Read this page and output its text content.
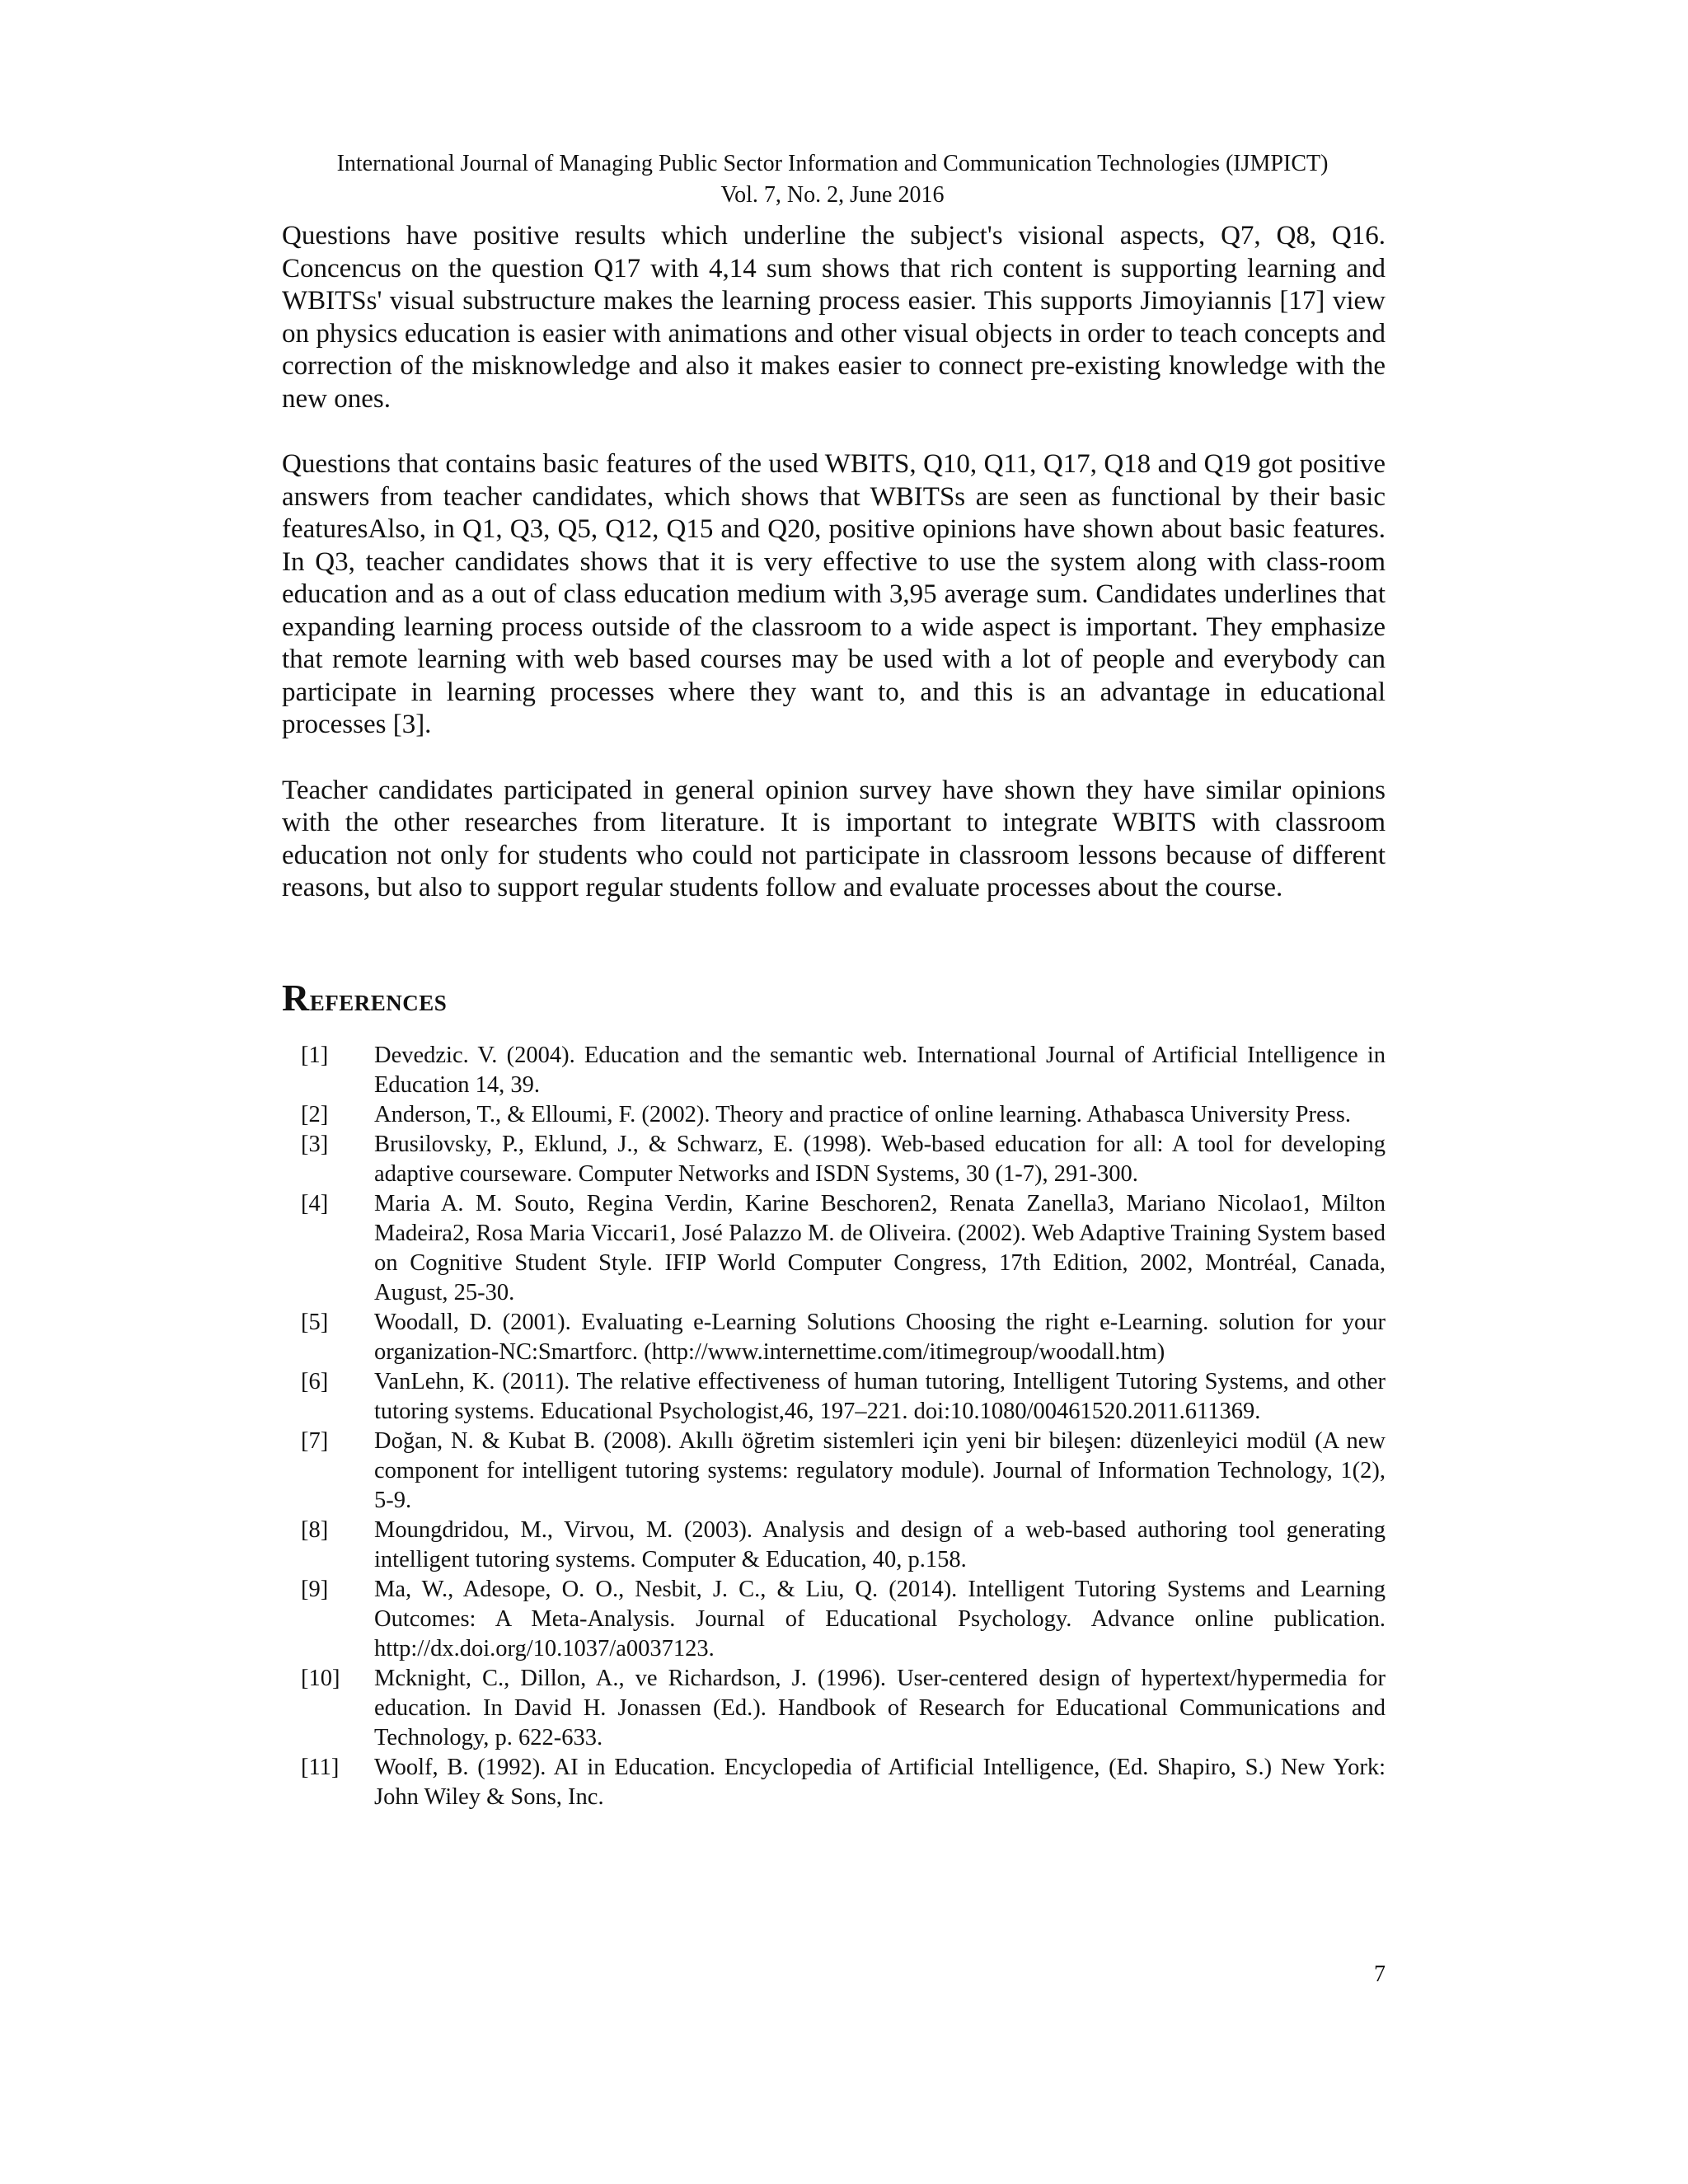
International Journal of Managing Public Sector Information and Communication Technologies (IJMPICT)
Vol. 7, No. 2, June 2016

Questions have positive results which underline the subject's visional aspects, Q7, Q8, Q16. Concencus on the question Q17 with 4,14 sum shows that rich content is supporting learning and WBITSs' visual substructure makes the learning process easier. This supports Jimoyiannis [17] view on physics education is easier with animations and other visual objects in order to teach concepts and correction of the misknowledge and also it makes easier to connect pre-existing knowledge with the new ones.

Questions that contains basic features of the used WBITS, Q10, Q11, Q17, Q18 and Q19 got positive answers from teacher candidates, which shows that WBITSs are seen as functional by their basic featuresAlso, in Q1, Q3, Q5, Q12, Q15 and Q20, positive opinions have shown about basic features. In Q3, teacher candidates shows that it is very effective to use the system along with class-room education and as a out of class education medium with 3,95 average sum. Candidates underlines that expanding learning process outside of the classroom to a wide aspect is important. They emphasize that remote learning with web based courses may be used with a lot of people and everybody can participate in learning processes where they want to, and this is an advantage in educational processes [3].

Teacher candidates participated in general opinion survey have shown they have similar opinions with the other researches from literature. It is important to integrate WBITS with classroom education not only for students who could not participate in classroom lessons because of different reasons, but also to support regular students follow and evaluate processes about the course.

References
[1]	Devedzic. V. (2004). Education and the semantic web. International Journal of Artificial Intelligence in Education 14, 39.
[2]	Anderson, T., & Elloumi, F. (2002). Theory and practice of online learning. Athabasca University Press.
[3]	Brusilovsky, P., Eklund, J., & Schwarz, E. (1998). Web-based education for all: A tool for developing adaptive courseware. Computer Networks and ISDN Systems, 30 (1-7), 291-300.
[4]	Maria A. M. Souto, Regina Verdin, Karine Beschoren2, Renata Zanella3, Mariano Nicolao1, Milton Madeira2, Rosa Maria Viccari1, José Palazzo M. de Oliveira. (2002). Web Adaptive Training System based on Cognitive Student Style. IFIP World Computer Congress, 17th Edition, 2002, Montréal, Canada, August, 25-30.
[5]	Woodall, D. (2001). Evaluating e-Learning Solutions Choosing the right e-Learning. solution for your organization-NC:Smartforc. (http://www.internettime.com/itimegroup/woodall.htm)
[6]	VanLehn, K. (2011). The relative effectiveness of human tutoring, Intelligent Tutoring Systems, and other tutoring systems. Educational Psychologist,46, 197–221. doi:10.1080/00461520.2011.611369.
[7]	Doğan, N. & Kubat B. (2008). Akıllı öğretim sistemleri için yeni bir bileşen: düzenleyici modül (A new component for intelligent tutoring systems: regulatory module). Journal of Information Technology, 1(2), 5-9.
[8]	Moungdridou, M., Virvou, M. (2003). Analysis and design of a web-based authoring tool generating intelligent tutoring systems. Computer & Education, 40, p.158.
[9]	Ma, W., Adesope, O. O., Nesbit, J. C., & Liu, Q. (2014). Intelligent Tutoring Systems and Learning Outcomes: A Meta-Analysis. Journal of Educational Psychology. Advance online publication. http://dx.doi.org/10.1037/a0037123.
[10]	Mcknight, C., Dillon, A., ve Richardson, J. (1996). User-centered design of hypertext/hypermedia for education. In David H. Jonassen (Ed.). Handbook of Research for Educational Communications and Technology, p. 622-633.
[11]	Woolf, B. (1992). AI in Education. Encyclopedia of Artificial Intelligence, (Ed. Shapiro, S.) New York: John Wiley & Sons, Inc.
7
